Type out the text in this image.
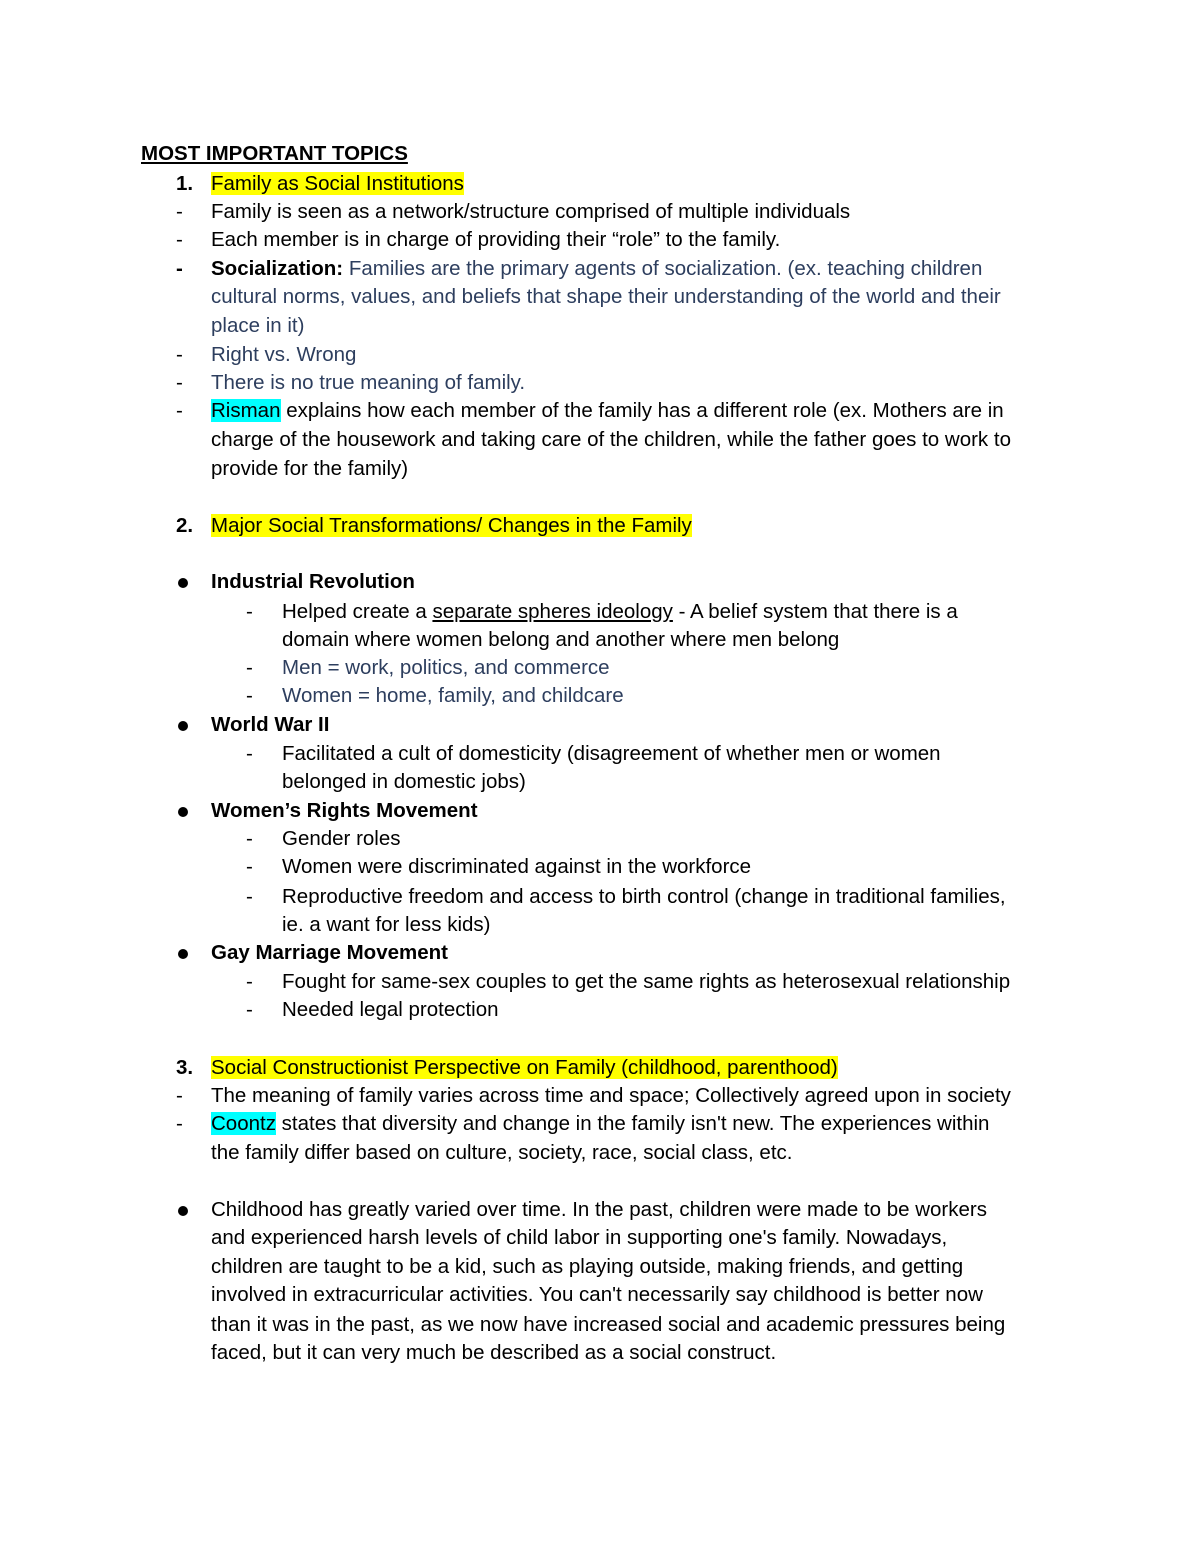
MOST IMPORTANT TOPICS
1. Family as Social Institutions
- Family is seen as a network/structure comprised of multiple individuals
- Each member is in charge of providing their “role” to the family.
- Socialization: Families are the primary agents of socialization. (ex. teaching children
cultural norms, values, and beliefs that shape their understanding of the world and their
place in it)
- Right vs. Wrong
- There is no true meaning of family.
- Risman explains how each member of the family has a different role (ex. Mothers are in
charge of the housework and taking care of the children, while the father goes to work to
provide for the family)
2. Major Social Transformations/ Changes in the Family
Industrial Revolution
- Helped create a separate spheres ideology - A belief system that there is a
domain where women belong and another where men belong
- Men = work, politics, and commerce
- Women = home, family, and childcare
World War II
- Facilitated a cult of domesticity (disagreement of whether men or women
belonged in domestic jobs)
Women’s Rights Movement
- Gender roles
- Women were discriminated against in the workforce
- Reproductive freedom and access to birth control (change in traditional families,
ie. a want for less kids)
Gay Marriage Movement
- Fought for same-sex couples to get the same rights as heterosexual relationship
- Needed legal protection
3. Social Constructionist Perspective on Family (childhood, parenthood)
- The meaning of family varies across time and space; Collectively agreed upon in society
- Coontz states that diversity and change in the family isn't new. The experiences within
the family differ based on culture, society, race, social class, etc.
Childhood has greatly varied over time. In the past, children were made to be workers
and experienced harsh levels of child labor in supporting one's family. Nowadays,
children are taught to be a kid, such as playing outside, making friends, and getting
involved in extracurricular activities. You can't necessarily say childhood is better now
than it was in the past, as we now have increased social and academic pressures being
faced, but it can very much be described as a social construct.
